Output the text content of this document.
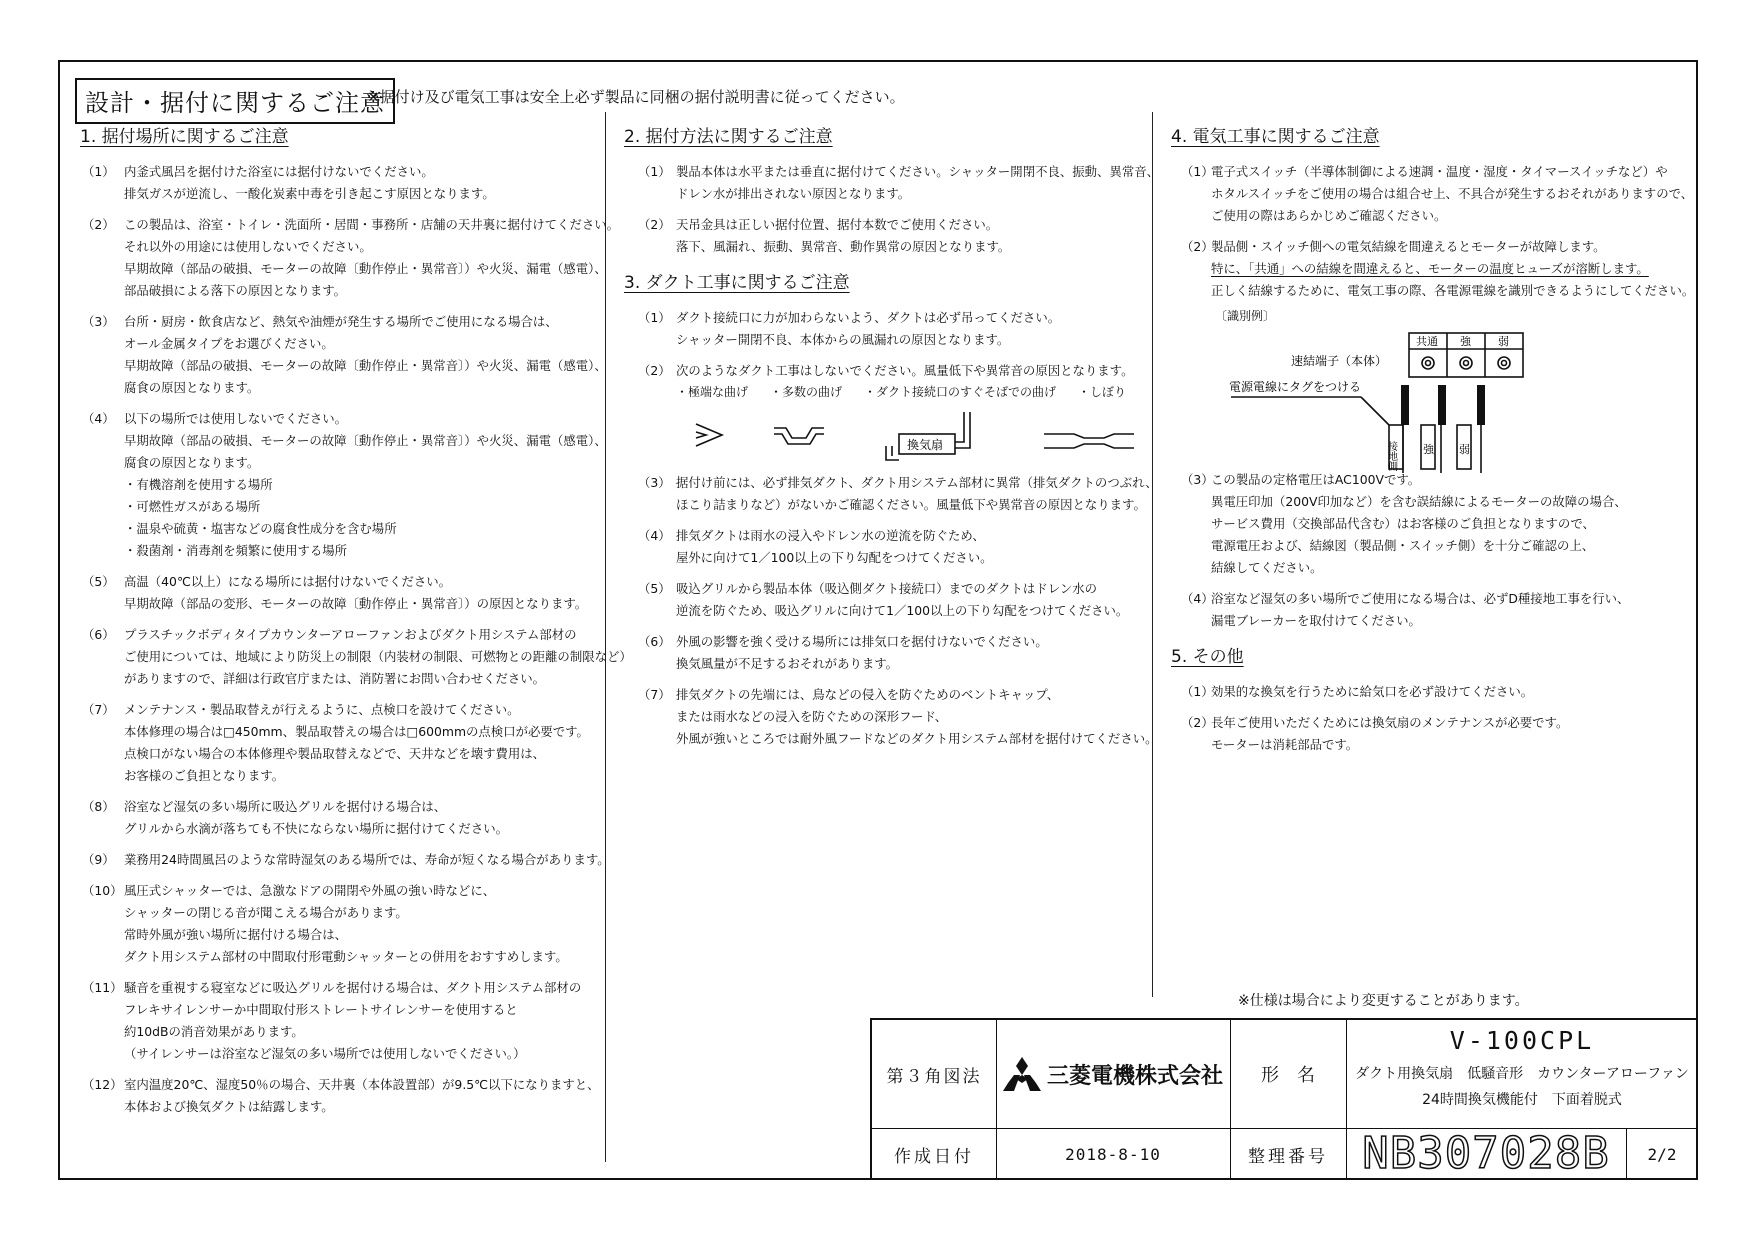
設計・据付に関するご注意
※据付け及び電気工事は安全上必ず製品に同梱の据付説明書に従ってください。
1. 据付場所に関するご注意
（1） 内釜式風呂を据付けた浴室には据付けないでください。
排気ガスが逆流し、一酸化炭素中毒を引き起こす原因となります。
（2） この製品は、浴室・トイレ・洗面所・居間・事務所・店舗の天井裏に据付けてください。
それ以外の用途には使用しないでください。
早期故障（部品の破損、モーターの故障〔動作停止・異常音〕）や火災、漏電（感電）、
部品破損による落下の原因となります。
（3） 台所・厨房・飲食店など、熱気や油煙が発生する場所でご使用になる場合は、
オール金属タイプをお選びください。
早期故障（部品の破損、モーターの故障〔動作停止・異常音〕）や火災、漏電（感電）、
腐食の原因となります。
（4） 以下の場所では使用しないでください。
早期故障（部品の破損、モーターの故障〔動作停止・異常音〕）や火災、漏電（感電）、
腐食の原因となります。
・有機溶剤を使用する場所
・可燃性ガスがある場所
・温泉や硫黄・塩害などの腐食性成分を含む場所
・殺菌剤・消毒剤を頻繁に使用する場所
（5） 高温（40℃以上）になる場所には据付けないでください。
早期故障（部品の変形、モーターの故障〔動作停止・異常音〕）の原因となります。
（6） プラスチックボディタイプカウンターアローファンおよびダクト用システム部材の
ご使用については、地域により防災上の制限（内装材の制限、可燃物との距離の制限など）
がありますので、詳細は行政官庁または、消防署にお問い合わせください。
（7） メンテナンス・製品取替えが行えるように、点検口を設けてください。
本体修理の場合は□450mm、製品取替えの場合は□600mmの点検口が必要です。
点検口がない場合の本体修理や製品取替えなどで、天井などを壊す費用は、
お客様のご負担となります。
（8） 浴室など湿気の多い場所に吸込グリルを据付ける場合は、
グリルから水滴が落ちても不快にならない場所に据付けてください。
（9） 業務用24時間風呂のような常時湿気のある場所では、寿命が短くなる場合があります。
（10） 風圧式シャッターでは、急激なドアの開閉や外風の強い時などに、
シャッターの閉じる音が聞こえる場合があります。
常時外風が強い場所に据付ける場合は、
ダクト用システム部材の中間取付形電動シャッターとの併用をおすすめします。
（11） 騒音を重視する寝室などに吸込グリルを据付ける場合は、ダクト用システム部材の
フレキサイレンサーか中間取付形ストレートサイレンサーを使用すると
約10dBの消音効果があります。
（サイレンサーは浴室など湿気の多い場所では使用しないでください。）
（12） 室内温度20℃、湿度50％の場合、天井裏（本体設置部）が9.5℃以下になりますと、
本体および換気ダクトは結露します。
2. 据付方法に関するご注意
（1） 製品本体は水平または垂直に据付けてください。シャッター開閉不良、振動、異常音、
ドレン水が排出されない原因となります。
（2） 天吊金具は正しい据付位置、据付本数でご使用ください。
落下、風漏れ、振動、異常音、動作異常の原因となります。
3. ダクト工事に関するご注意
（1） ダクト接続口に力が加わらないよう、ダクトは必ず吊ってください。
シャッター開閉不良、本体からの風漏れの原因となります。
（2） 次のようなダクト工事はしないでください。風量低下や異常音の原因となります。
・極端な曲げ ・多数の曲げ ・ダクト接続口のすぐそばでの曲げ ・しぼり
換気扇
（3） 据付け前には、必ず排気ダクト、ダクト用システム部材に異常（排気ダクトのつぶれ、
ほこり詰まりなど）がないかご確認ください。風量低下や異常音の原因となります。
（4） 排気ダクトは雨水の浸入やドレン水の逆流を防ぐため、
屋外に向けて1／100以上の下り勾配をつけてください。
（5） 吸込グリルから製品本体（吸込側ダクト接続口）までのダクトはドレン水の
逆流を防ぐため、吸込グリルに向けて1／100以上の下り勾配をつけてください。
（6） 外風の影響を強く受ける場所には排気口を据付けないでください。
換気風量が不足するおそれがあります。
（7） 排気ダクトの先端には、鳥などの侵入を防ぐためのベントキャップ、
または雨水などの浸入を防ぐための深形フード、
外風が強いところでは耐外風フードなどのダクト用システム部材を据付けてください。
4. 電気工事に関するご注意
（1）
電子式スイッチ（半導体制御による速調・温度・湿度・タイマースイッチなど）や
ホタルスイッチをご使用の場合は組合せ上、不具合が発生するおそれがありますので、
ご使用の際はあらかじめご確認ください。
（2）
製品側・スイッチ側への電気結線を間違えるとモーターが故障します。
特に、「共通」への結線を間違えると、モーターの温度ヒューズが溶断します。
正しく結線するために、電気工事の際、各電源電線を識別できるようにしてください。
〔識別例〕
共通 強 弱
速結端子（本体）
電源電線にタグをつける
接地側 強 弱
（3）
この製品の定格電圧はAC100Vです。
異電圧印加（200V印加など）を含む誤結線によるモーターの故障の場合、
サービス費用（交換部品代含む）はお客様のご負担となりますので、
電源電圧および、結線図（製品側・スイッチ側）を十分ご確認の上、
結線してください。
（4）
浴室など湿気の多い場所でご使用になる場合は、必ずD種接地工事を行い、
漏電ブレーカーを取付けてください。
5. その他
（1）
効果的な換気を行うために給気口を必ず設けてください。
（2）
長年ご使用いただくためには換気扇のメンテナンスが必要です。
モーターは消耗部品です。
※仕様は場合により変更することがあります。
第３角図法	三菱電機株式会社	形　名
V-100CPL
ダクト用換気扇　低騒音形　カウンターアローファン
24時間換気機能付　下面着脱式
作成日付	2018-8-10	整理番号 NB307028B	2/2
